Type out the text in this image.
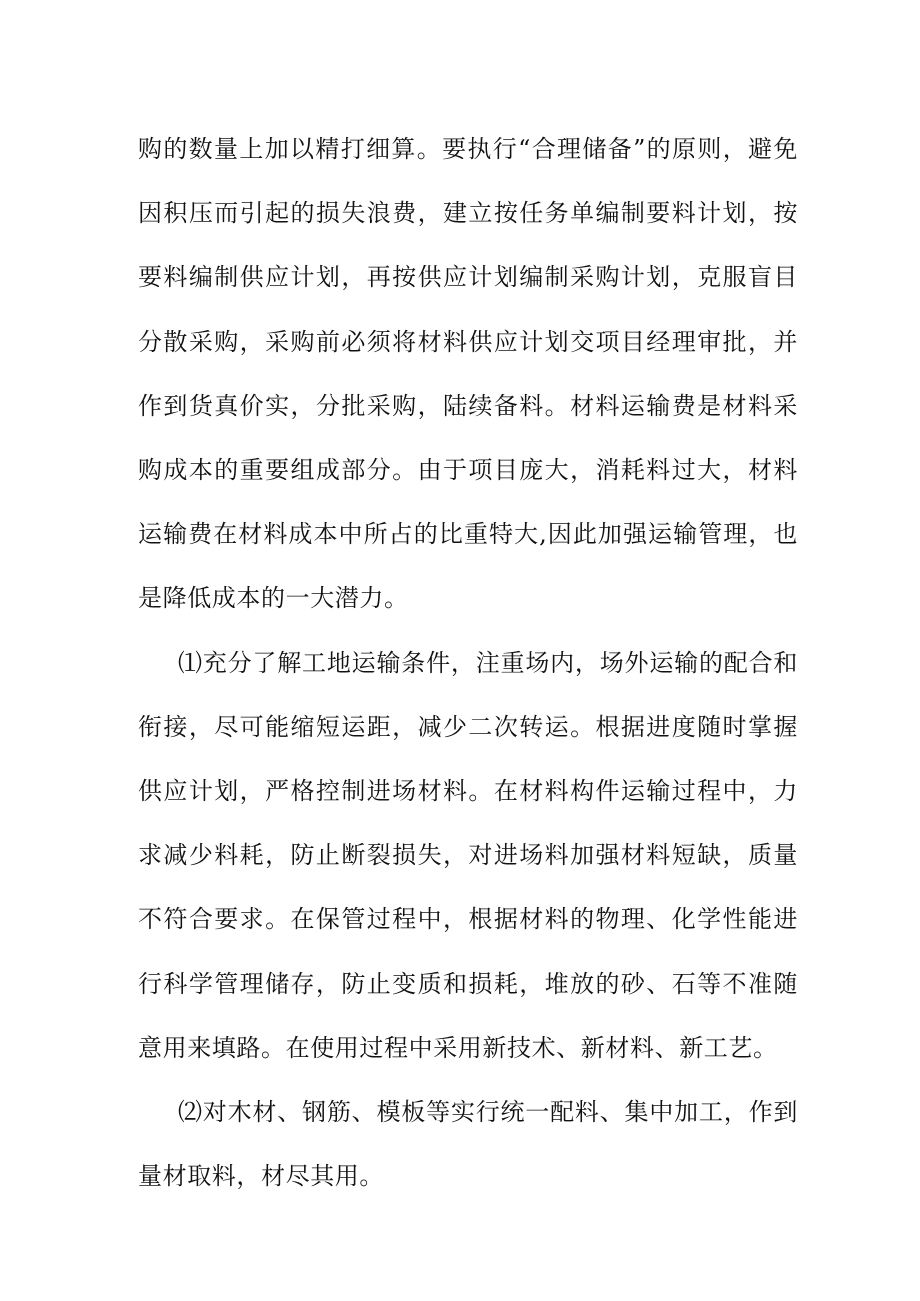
购的数量上加以精打细算。要执行“合理储备”的原则，避免因积压而引起的损失浪费，建立按任务单编制要料计划，按要料编制供应计划，再按供应计划编制采购计划，克服盲目分散采购，采购前必须将材料供应计划交项目经理审批，并作到货真价实，分批采购，陆续备料。材料运输费是材料采购成本的重要组成部分。由于项目庞大，消耗料过大，材料运输费在材料成本中所占的比重特大,因此加强运输管理，也是降低成本的一大潜力。

⑴充分了解工地运输条件，注重场内，场外运输的配合和衔接，尽可能缩短运距，减少二次转运。根据进度随时掌握供应计划，严格控制进场材料。在材料构件运输过程中，力求减少料耗，防止断裂损失，对进场料加强材料短缺，质量不符合要求。在保管过程中，根据材料的物理、化学性能进行科学管理储存，防止变质和损耗，堆放的砂、石等不准随意用来填路。在使用过程中采用新技术、新材料、新工艺。

⑵对木材、钢筋、模板等实行统一配料、集中加工，作到量材取料，材尽其用。
